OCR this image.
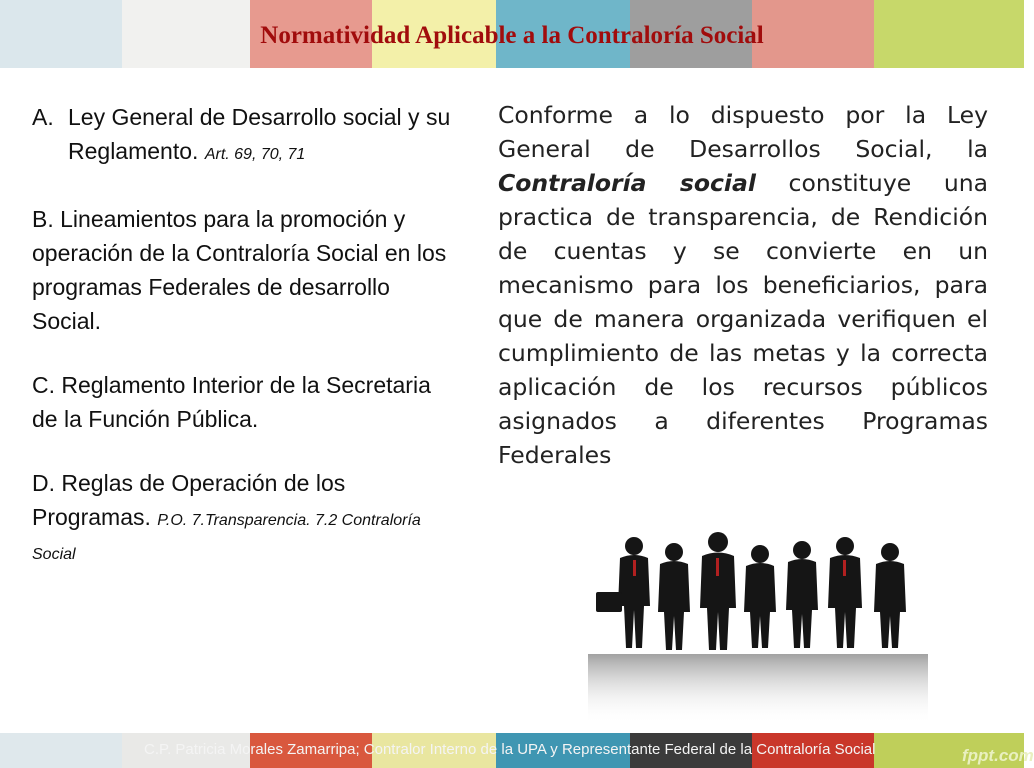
Normatividad Aplicable a la Contraloría Social
A. Ley General de Desarrollo social y su Reglamento. Art. 69, 70, 71
B. Lineamientos para la promoción y operación de la Contraloría Social en los programas Federales de desarrollo Social.
C. Reglamento Interior de la Secretaria de la Función Pública.
D. Reglas de Operación de los Programas. P.O. 7.Transparencia. 7.2 Contraloría Social
Conforme a lo dispuesto por la Ley General de Desarrollos Social, la Contraloría social constituye una practica de transparencia, de Rendición de cuentas y se convierte en un mecanismo para los beneficiarios, para que de manera organizada verifiquen el cumplimiento de las metas y la correcta aplicación de los recursos públicos asignados a diferentes Programas Federales
C.P. Patricia Morales Zamarripa; Contralor Interno de la UPA y Representante Federal de la Contraloría Social	fppt.com
